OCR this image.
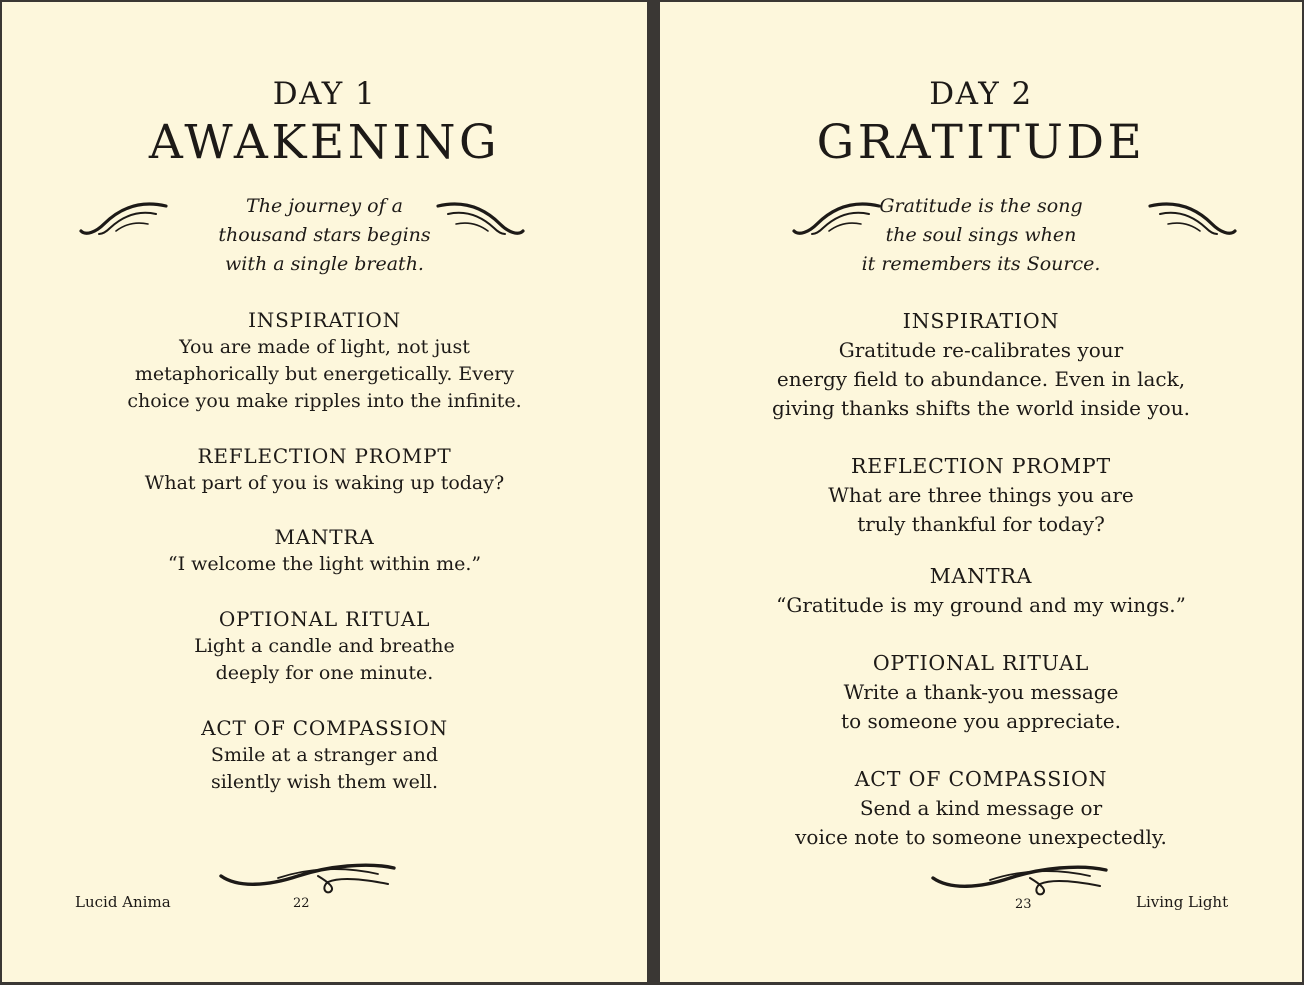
DAY 1
AWAKENING
The journey of a
thousand stars begins
with a single breath.
INSPIRATION
You are made of light, not just
metaphorically but energetically. Every
choice you make ripples into the infinite.
REFLECTION PROMPT
What part of you is waking up today?
MANTRA
“I welcome the light within me.”
OPTIONAL RITUAL
Light a candle and breathe
deeply for one minute.
ACT OF COMPASSION
Smile at a stranger and
silently wish them well.
Lucid Anima	22
DAY 2
GRATITUDE
Gratitude is the song
the soul sings when
it remembers its Source.
INSPIRATION
Gratitude re-calibrates your
energy field to abundance. Even in lack,
giving thanks shifts the world inside you.
REFLECTION PROMPT
What are three things you are
truly thankful for today?
MANTRA
“Gratitude is my ground and my wings.”
OPTIONAL RITUAL
Write a thank-you message
to someone you appreciate.
ACT OF COMPASSION
Send a kind message or
voice note to someone unexpectedly.
23	Living Light
